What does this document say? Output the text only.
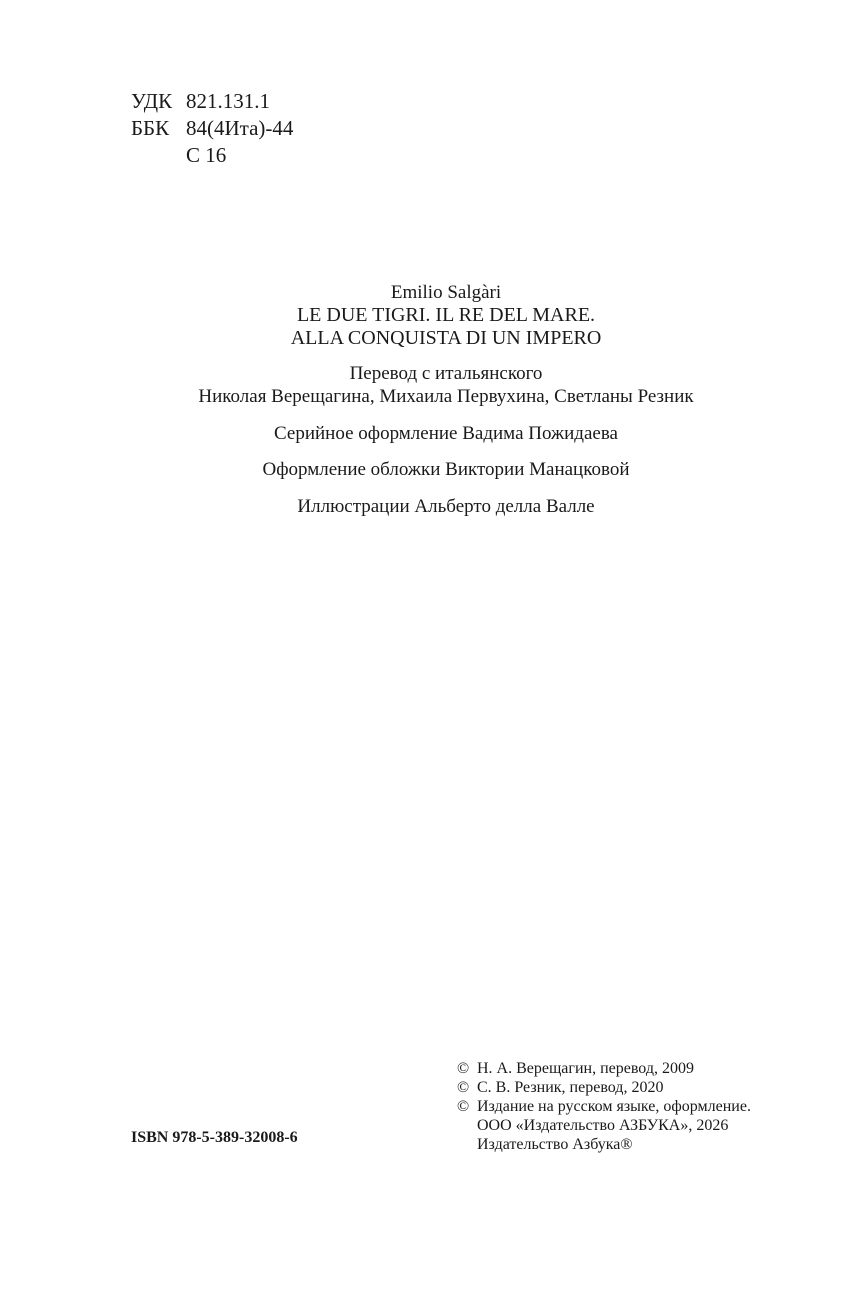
УДК 821.131.1
ББК 84(4Ита)-44
С 16
Emilio Salgàri
LE DUE TIGRI. IL RE DEL MARE.
ALLA CONQUISTA DI UN IMPERO
Перевод с итальянского
Николая Верещагина, Михаила Первухина, Светланы Резник
Серийное оформление Вадима Пожидаева
Оформление обложки Виктории Манацковой
Иллюстрации Альберто делла Валле
© Н. А. Верещагин, перевод, 2009
© С. В. Резник, перевод, 2020
© Издание на русском языке, оформление.
ООО «Издательство АЗБУКА», 2026
Издательство Азбука®
ISBN 978-5-389-32008-6
